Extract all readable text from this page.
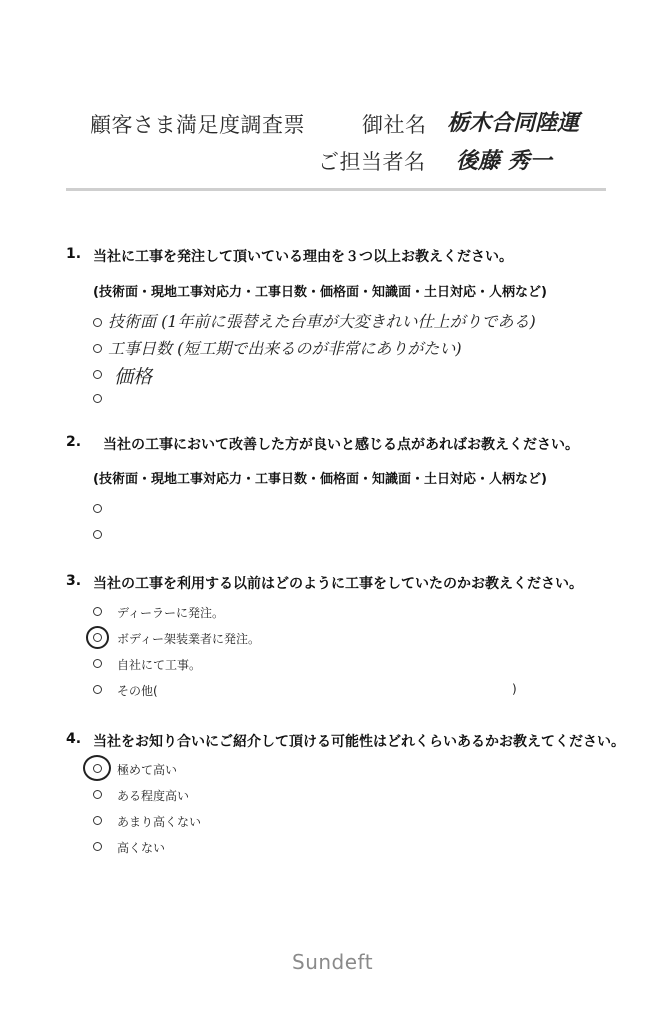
顧客さま満足度調査票	御社名 栃木合同陸運
ご担当者名 後藤 秀一
1. 当社に工事を発注して頂いている理由を３つ以上お教えください。
(技術面・現地工事対応力・工事日数・価格面・知識面・土日対応・人柄など)
技術面 (1年前に張替えた台車が大変きれい仕上がりである)
工事日数 (短工期で出来るのが非常にありがたい)
価格
2. 当社の工事において改善した方が良いと感じる点があればお教えください。
(技術面・現地工事対応力・工事日数・価格面・知識面・土日対応・人柄など)
3. 当社の工事を利用する以前はどのように工事をしていたのかお教えください。
ディーラーに発注。
ボディー架装業者に発注。
自社にて工事。
その他(	)
4. 当社をお知り合いにご紹介して頂ける可能性はどれくらいあるかお教えてください。
極めて高い
ある程度高い
あまり高くない
高くない
Sundeft
